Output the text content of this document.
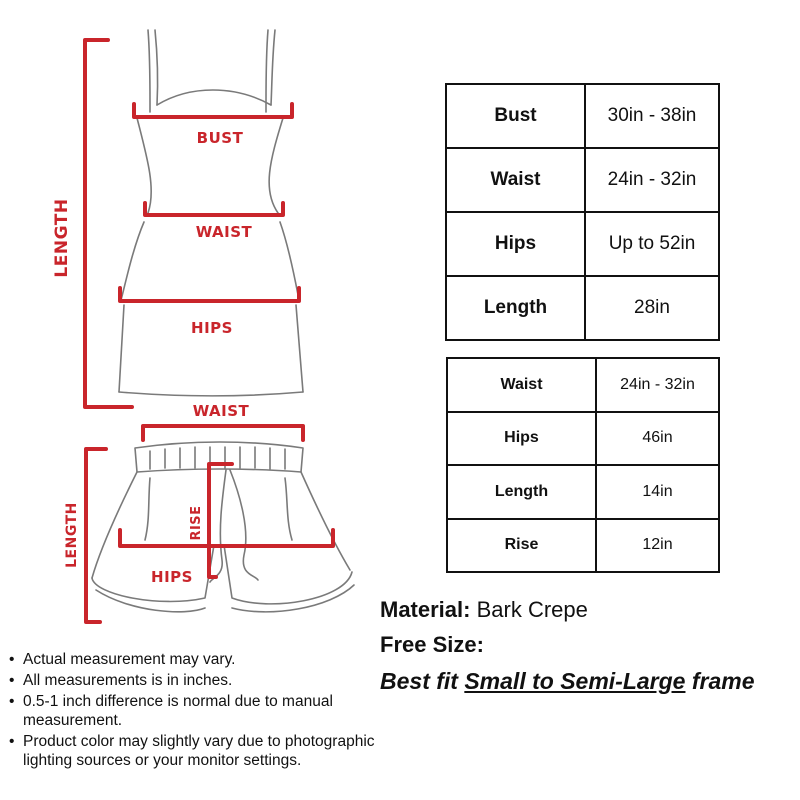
BUST
WAIST
HIPS
LENGTH
WAIST
LENGTH	RISE
HIPS
Bust	30in - 38in
Waist	24in - 32in
Hips	Up to 52in
Length	28in
Waist	24in - 32in
Hips	46in
Length	14in
Rise	12in
Material: Bark Crepe
Free Size:
Best fit Small to Semi-Large frame
• Actual measurement may vary.
• All measurements is in inches.
• 0.5-1 inch difference is normal due to manual measurement.
• Product color may slightly vary due to photographic lighting sources or your monitor settings.
